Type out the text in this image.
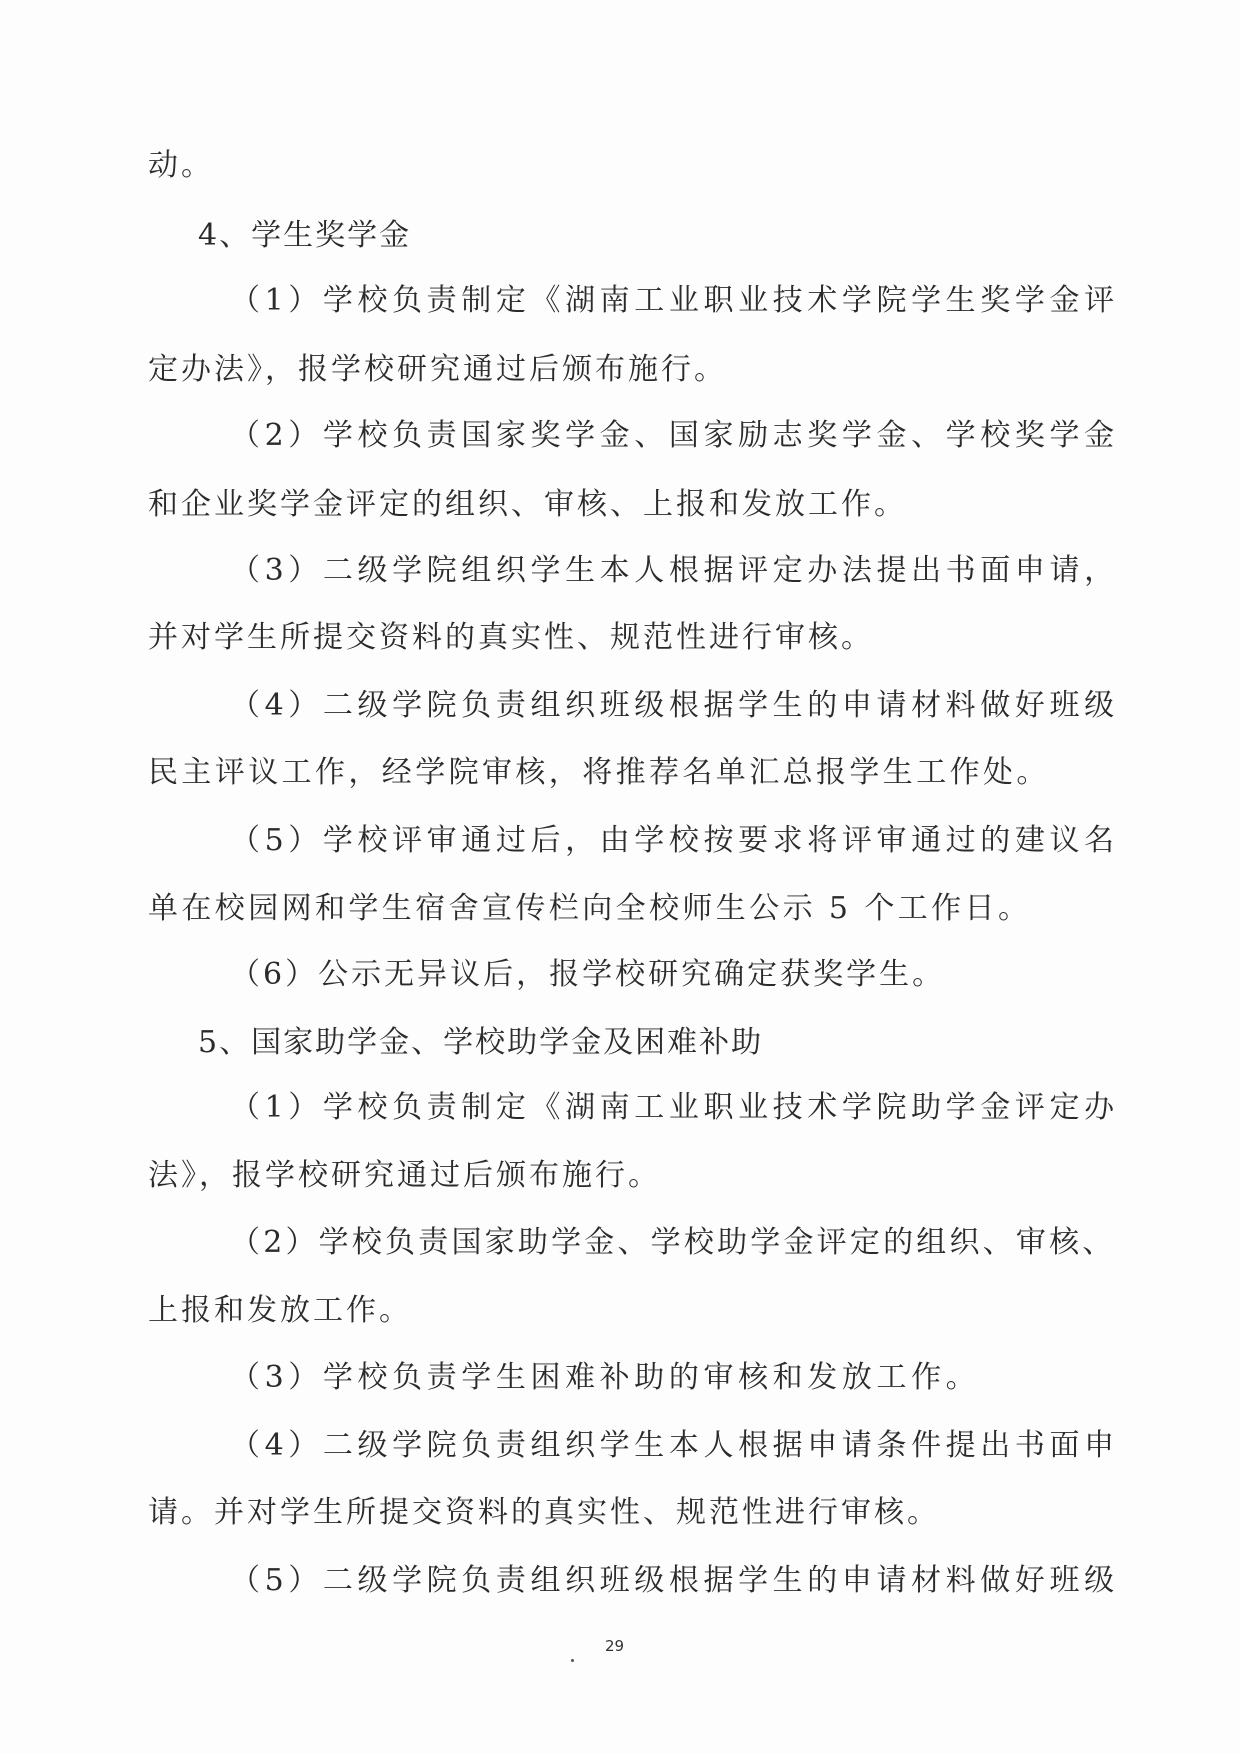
动。
4、学生奖学金
（1）学校负责制定《湖南工业职业技术学院学生奖学金评
定办法》，报学校研究通过后颁布施行。
（2）学校负责国家奖学金、国家励志奖学金、学校奖学金
和企业奖学金评定的组织、审核、上报和发放工作。
（3）二级学院组织学生本人根据评定办法提出书面申请，
并对学生所提交资料的真实性、规范性进行审核。
（4）二级学院负责组织班级根据学生的申请材料做好班级
民主评议工作，经学院审核，将推荐名单汇总报学生工作处。
（5）学校评审通过后，由学校按要求将评审通过的建议名
单在校园网和学生宿舍宣传栏向全校师生公示 5 个工作日。
（6）公示无异议后，报学校研究确定获奖学生。
5、国家助学金、学校助学金及困难补助
（1）学校负责制定《湖南工业职业技术学院助学金评定办
法》，报学校研究通过后颁布施行。
（2）学校负责国家助学金、学校助学金评定的组织、审核、
上报和发放工作。
（3）学校负责学生困难补助的审核和发放工作。
（4）二级学院负责组织学生本人根据申请条件提出书面申
请。并对学生所提交资料的真实性、规范性进行审核。
（5）二级学院负责组织班级根据学生的申请材料做好班级
29
